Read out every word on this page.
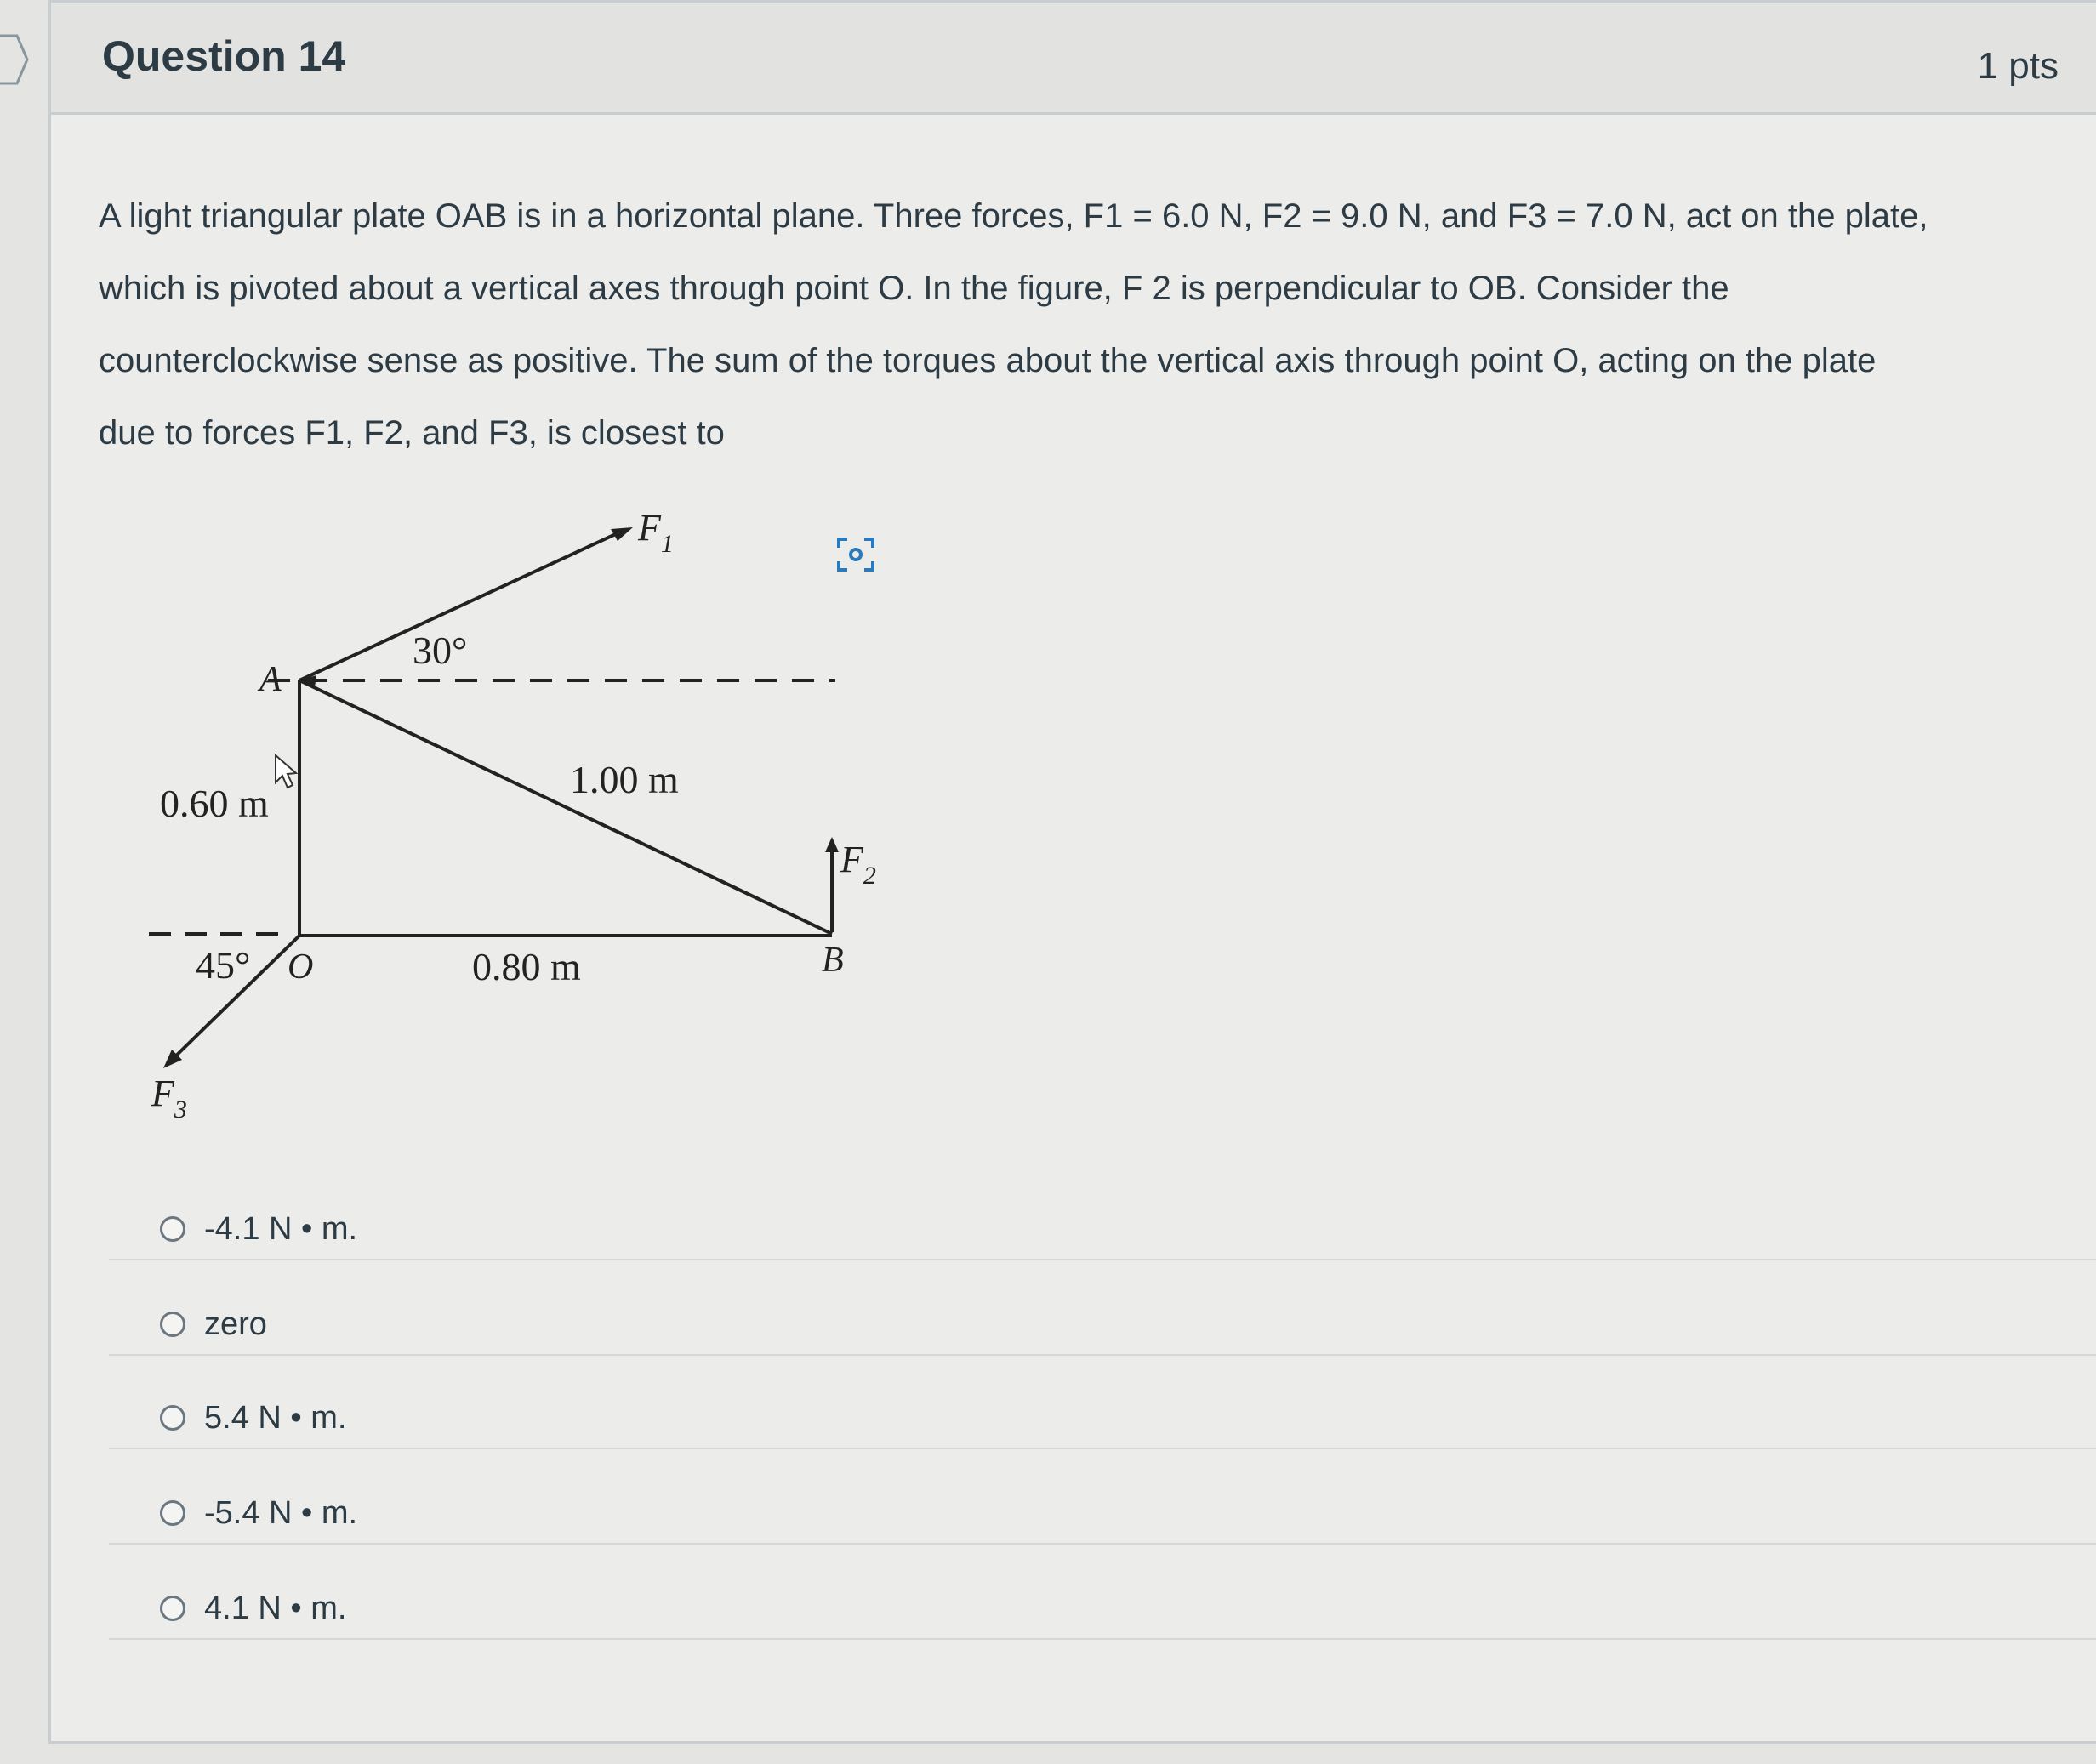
Question 14	1 pts
A light triangular plate OAB is in a horizontal plane. Three forces, F1 = 6.0 N, F2 = 9.0 N, and F3 = 7.0 N, act on the plate,
which is pivoted about a vertical axes through point O. In the figure, F 2 is perpendicular to OB. Consider the
counterclockwise sense as positive. The sum of the torques about the vertical axis through point O, acting on the plate
due to forces F1, F2, and F3, is closest to
$F_1$
$F_2$
$F_3$
A
O	B
30°
45°
0.60 m
1.00 m
0.80 m
-4.1 N • m.
zero
5.4 N • m.
-5.4 N • m.
4.1 N • m.
